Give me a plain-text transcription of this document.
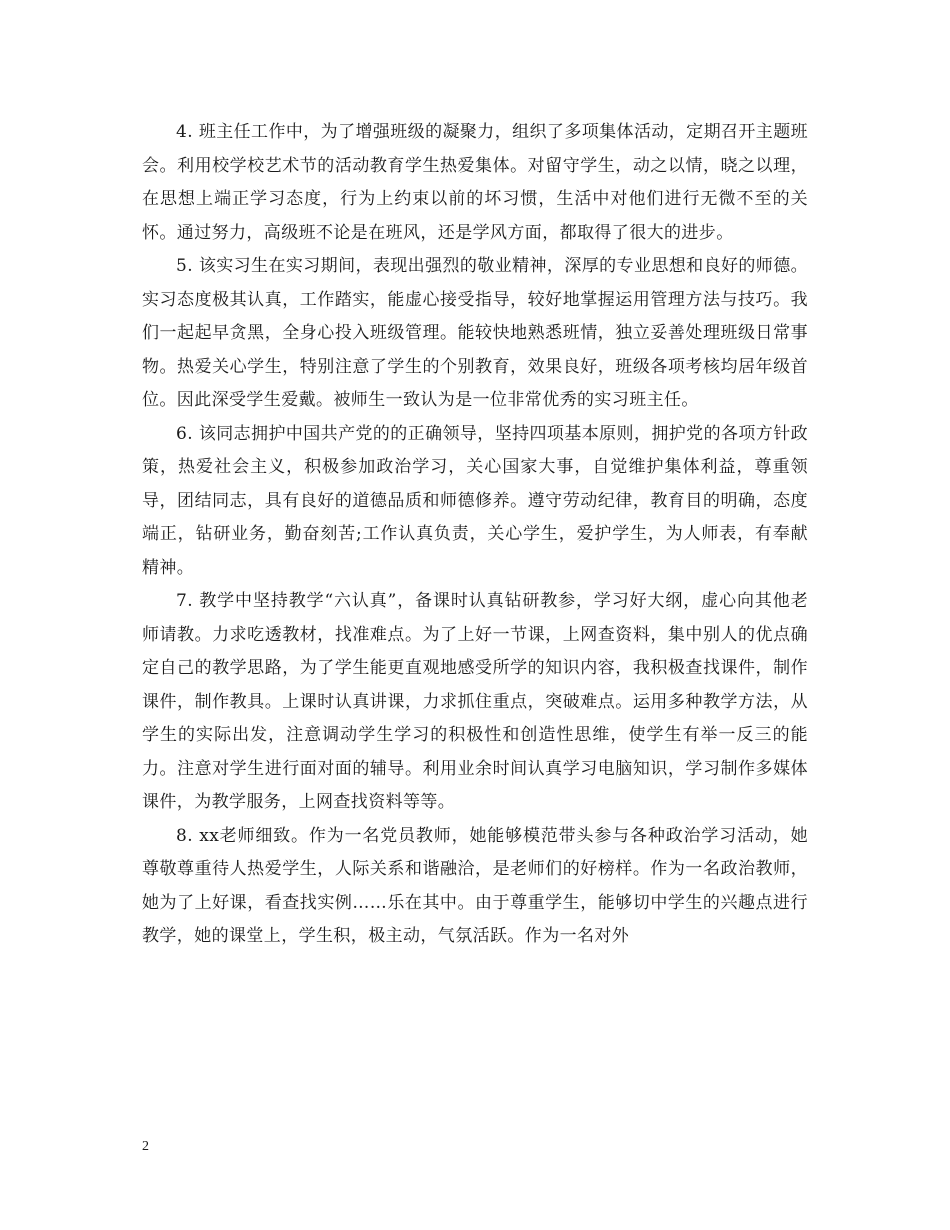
4. 班主任工作中，为了增强班级的凝聚力，组织了多项集体活动，定期召开主题班会。利用校学校艺术节的活动教育学生热爱集体。对留守学生，动之以情，晓之以理，在思想上端正学习态度，行为上约束以前的坏习惯，生活中对他们进行无微不至的关怀。通过努力，高级班不论是在班风，还是学风方面，都取得了很大的进步。

5. 该实习生在实习期间，表现出强烈的敬业精神，深厚的专业思想和良好的师德。实习态度极其认真，工作踏实，能虚心接受指导，较好地掌握运用管理方法与技巧。我们一起起早贪黑，全身心投入班级管理。能较快地熟悉班情，独立妥善处理班级日常事物。热爱关心学生，特别注意了学生的个别教育，效果良好，班级各项考核均居年级首位。因此深受学生爱戴。被师生一致认为是一位非常优秀的实习班主任。

6. 该同志拥护中国共产党的的正确领导，坚持四项基本原则，拥护党的各项方针政策，热爱社会主义，积极参加政治学习，关心国家大事，自觉维护集体利益，尊重领导，团结同志，具有良好的道德品质和师德修养。遵守劳动纪律，教育目的明确，态度端正，钻研业务，勤奋刻苦;工作认真负责，关心学生，爱护学生，为人师表，有奉献精神。

7. 教学中坚持教学“六认真”，备课时认真钻研教参，学习好大纲，虚心向其他老师请教。力求吃透教材，找准难点。为了上好一节课，上网查资料，集中别人的优点确定自己的教学思路，为了学生能更直观地感受所学的知识内容，我积极查找课件，制作课件，制作教具。上课时认真讲课，力求抓住重点，突破难点。运用多种教学方法，从学生的实际出发，注意调动学生学习的积极性和创造性思维，使学生有举一反三的能力。注意对学生进行面对面的辅导。利用业余时间认真学习电脑知识，学习制作多媒体课件，为教学服务，上网查找资料等等。

8. xx老师细致。作为一名党员教师，她能够模范带头参与各种政治学习活动，她尊敬尊重待人热爱学生，人际关系和谐融洽，是老师们的好榜样。作为一名政治教师，她为了上好课，看查找实例……乐在其中。由于尊重学生，能够切中学生的兴趣点进行教学，她的课堂上，学生积，极主动，气氛活跃。作为一名对外

2
